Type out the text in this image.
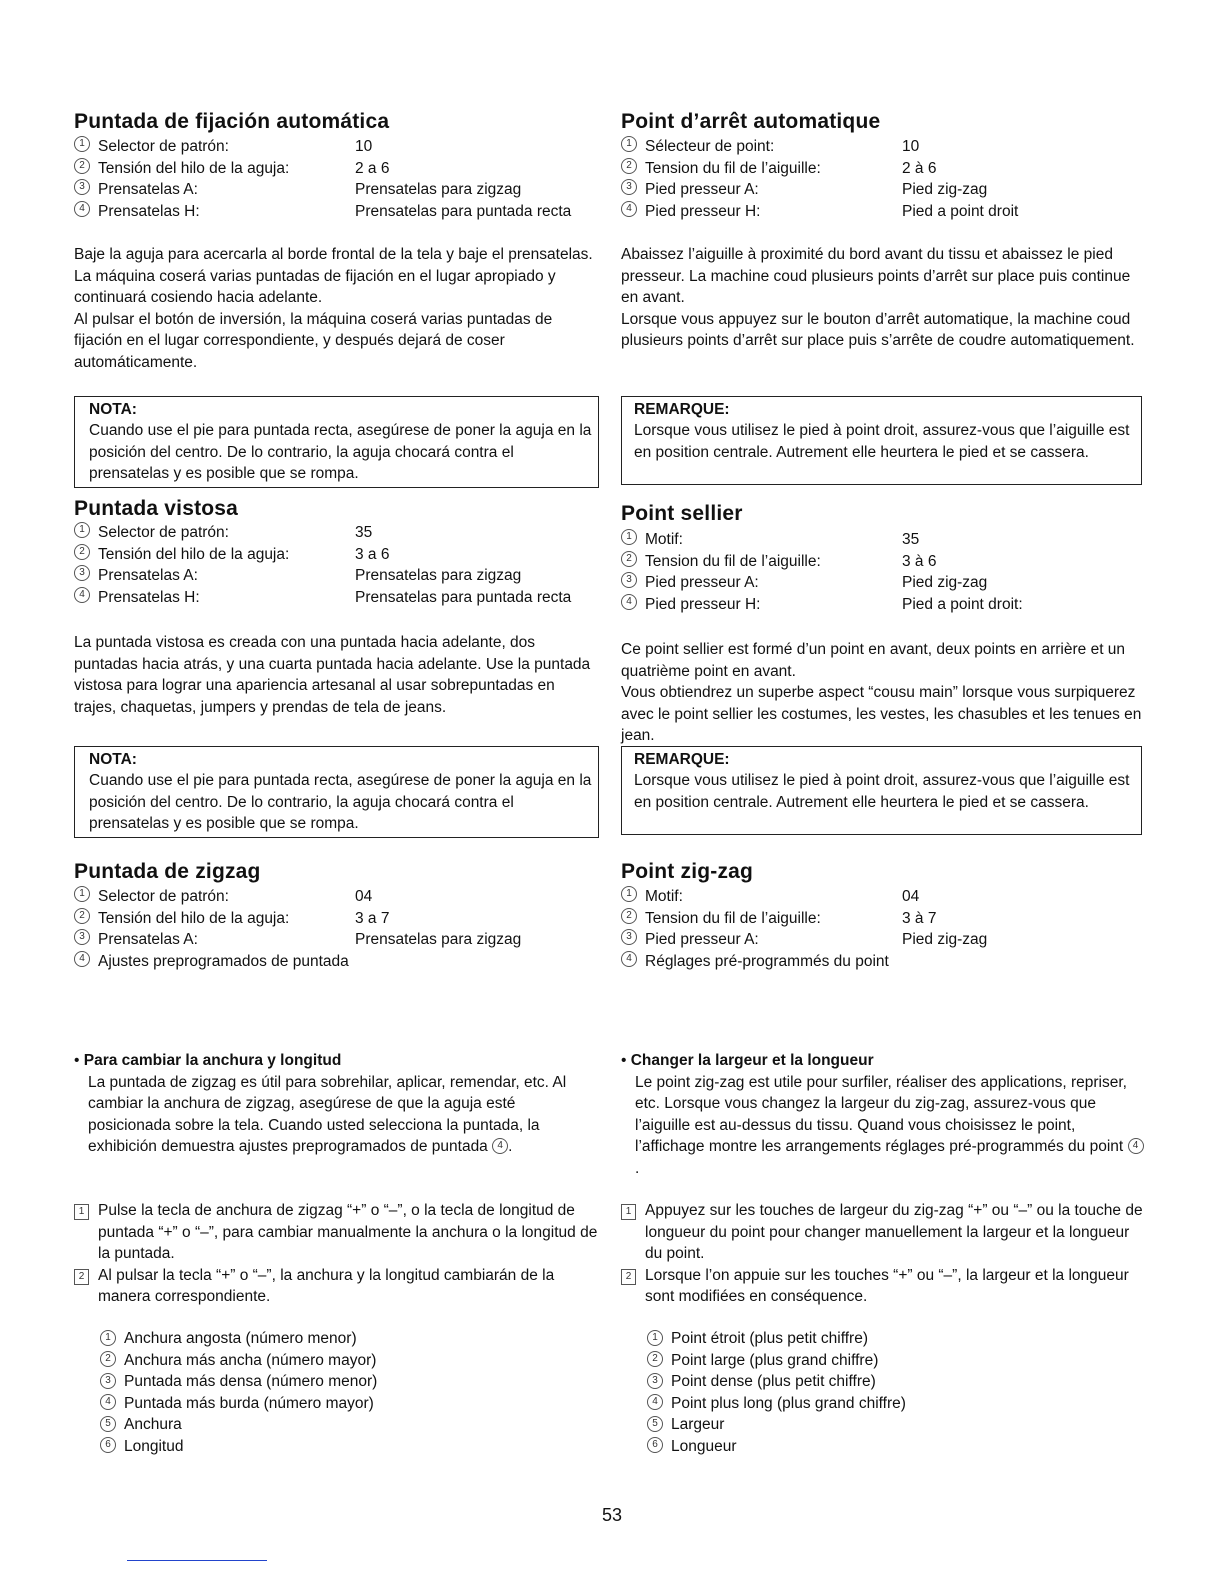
Puntada de fijación automática
1 Selector de patrón:	10
2 Tensión del hilo de la aguja:	2 a 6
3 Prensatelas A:	Prensatelas para zigzag
4 Prensatelas H:	Prensatelas para puntada recta
Baje la aguja para acercarla al borde frontal de la tela y baje el prensatelas. La máquina coserá varias puntadas de fijación en el lugar apropiado y continuará cosiendo hacia adelante.
Al pulsar el botón de inversión, la máquina coserá varias puntadas de fijación en el lugar correspondiente, y después dejará de coser automáticamente.
NOTA:
Cuando use el pie para puntada recta, asegúrese de poner la aguja en la posición del centro. De lo contrario, la aguja chocará contra el prensatelas y es posible que se rompa.
Puntada vistosa
1 Selector de patrón:	35
2 Tensión del hilo de la aguja:	3 a 6
3 Prensatelas A:	Prensatelas para zigzag
4 Prensatelas H:	Prensatelas para puntada recta
La puntada vistosa es creada con una puntada hacia adelante, dos puntadas hacia atrás, y una cuarta puntada hacia adelante. Use la puntada vistosa para lograr una apariencia artesanal al usar sobrepuntadas en trajes, chaquetas, jumpers y prendas de tela de jeans.
NOTA:
Cuando use el pie para puntada recta, asegúrese de poner la aguja en la posición del centro. De lo contrario, la aguja chocará contra el prensatelas y es posible que se rompa.
Puntada de zigzag
1 Selector de patrón:	04
2 Tensión del hilo de la aguja:	3 a 7
3 Prensatelas A:	Prensatelas para zigzag
4 Ajustes preprogramados de puntada
• Para cambiar la anchura y longitud
La puntada de zigzag es útil para sobrehilar, aplicar, remendar, etc. Al cambiar la anchura de zigzag, asegúrese de que la aguja esté posicionada sobre la tela. Cuando usted selecciona la puntada, la exhibición demuestra ajustes preprogramados de puntada 4 .
1 Pulse la tecla de anchura de zigzag “+” o “–”, o la tecla de longitud de puntada “+” o “–”, para cambiar manualmente la anchura o la longitud de la puntada.
2 Al pulsar la tecla “+” o “–”, la anchura y la longitud cambiarán de la manera correspondiente.
1 Anchura angosta (número menor)
2 Anchura más ancha (número mayor)
3 Puntada más densa (número menor)
4 Puntada más burda (número mayor)
5 Anchura
6 Longitud
Point d’arrêt automatique
1 Sélecteur de point:	10
2 Tension du fil de l’aiguille:	2 à 6
3 Pied presseur A:	Pied zig-zag
4 Pied presseur H:	Pied a point droit
Abaissez l’aiguille à proximité du bord avant du tissu et abaissez le pied presseur. La machine coud plusieurs points d’arrêt sur place puis continue en avant.
Lorsque vous appuyez sur le bouton d’arrêt automatique, la machine coud plusieurs points d’arrêt sur place puis s’arrête de coudre automatiquement.
REMARQUE:
Lorsque vous utilisez le pied à point droit, assurez-vous que l’aiguille est en position centrale. Autrement elle heurtera le pied et se cassera.
Point sellier
1 Motif:	35
2 Tension du fil de l’aiguille:	3 à 6
3 Pied presseur A:	Pied zig-zag
4 Pied presseur H:	Pied a point droit:
Ce point sellier est formé d’un point en avant, deux points en arrière et un quatrième point en avant.
Vous obtiendrez un superbe aspect “cousu main” lorsque vous surpiquerez avec le point sellier les costumes, les vestes, les chasubles et les tenues en jean.
REMARQUE:
Lorsque vous utilisez le pied à point droit, assurez-vous que l’aiguille est en position centrale. Autrement elle heurtera le pied et se cassera.
Point zig-zag
1 Motif:	04
2 Tension du fil de l’aiguille:	3 à 7
3 Pied presseur A:	Pied zig-zag
4 Réglages pré-programmés du point
• Changer la largeur et la longueur
Le point zig-zag est utile pour surfiler, réaliser des applications, repriser, etc. Lorsque vous changez la largeur du zig-zag, assurez-vous que l’aiguille est au-dessus du tissu. Quand vous choisissez le point, l’affichage montre les arrangements réglages pré-programmés du point 4.
1 Appuyez sur les touches de largeur du zig-zag “+” ou “–” ou la touche de longueur du point pour changer manuellement la largeur et la longueur du point.
2 Lorsque l’on appuie sur les touches “+” ou “–”, la largeur et la longueur sont modifiées en conséquence.
1 Point étroit (plus petit chiffre)
2 Point large (plus grand chiffre)
3 Point dense (plus petit chiffre)
4 Point plus long (plus grand chiffre)
5 Largeur
6 Longueur
53
